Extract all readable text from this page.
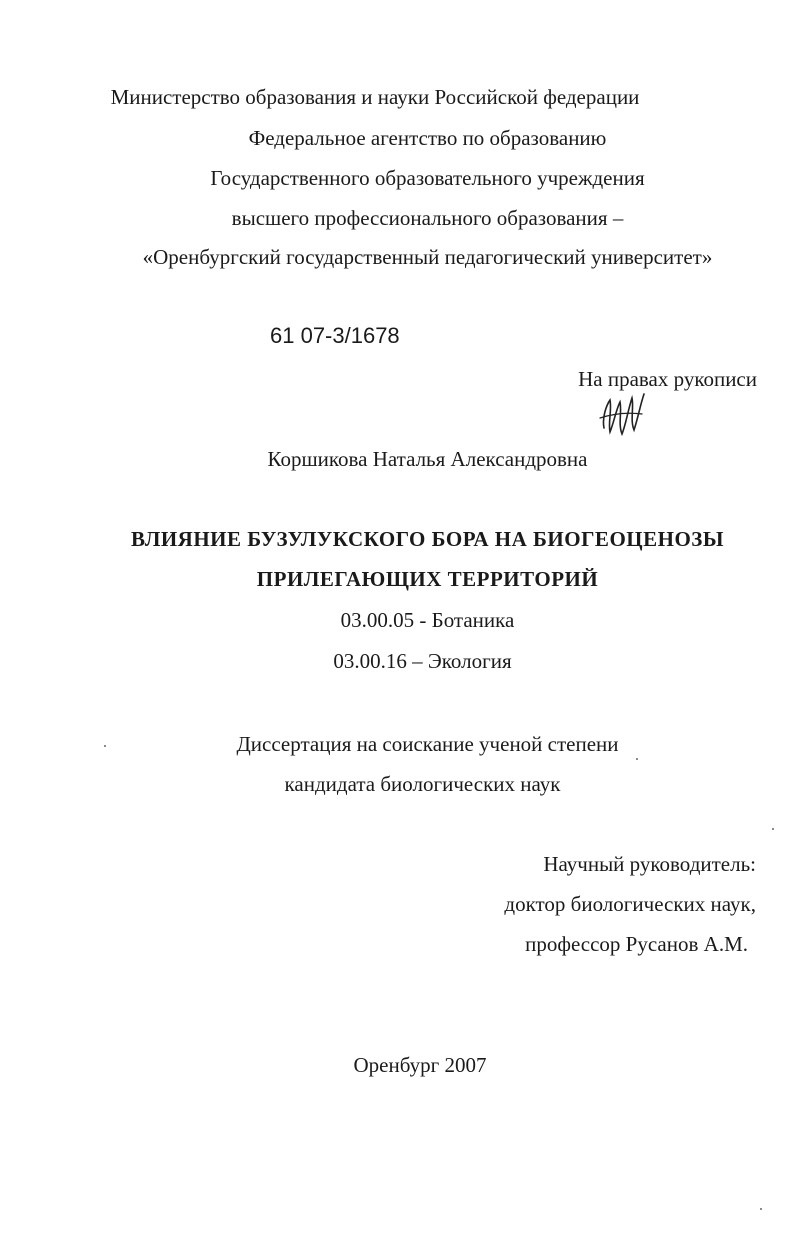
Министерство образования и науки Российской федерации
Федеральное агентство по образованию
Государственного образовательного учреждения
высшего профессионального образования –
«Оренбургский государственный педагогический университет»
61 07-3/1678
На правах рукописи
Коршикова Наталья Александровна
ВЛИЯНИЕ БУЗУЛУКСКОГО БОРА НА БИОГЕОЦЕНОЗЫ
ПРИЛЕГАЮЩИХ ТЕРРИТОРИЙ
03.00.05 - Ботаника
03.00.16 – Экология
Диссертация на соискание ученой степени
кандидата биологических наук
Научный руководитель:
доктор биологических наук,
профессор Русанов А.М.
Оренбург 2007
